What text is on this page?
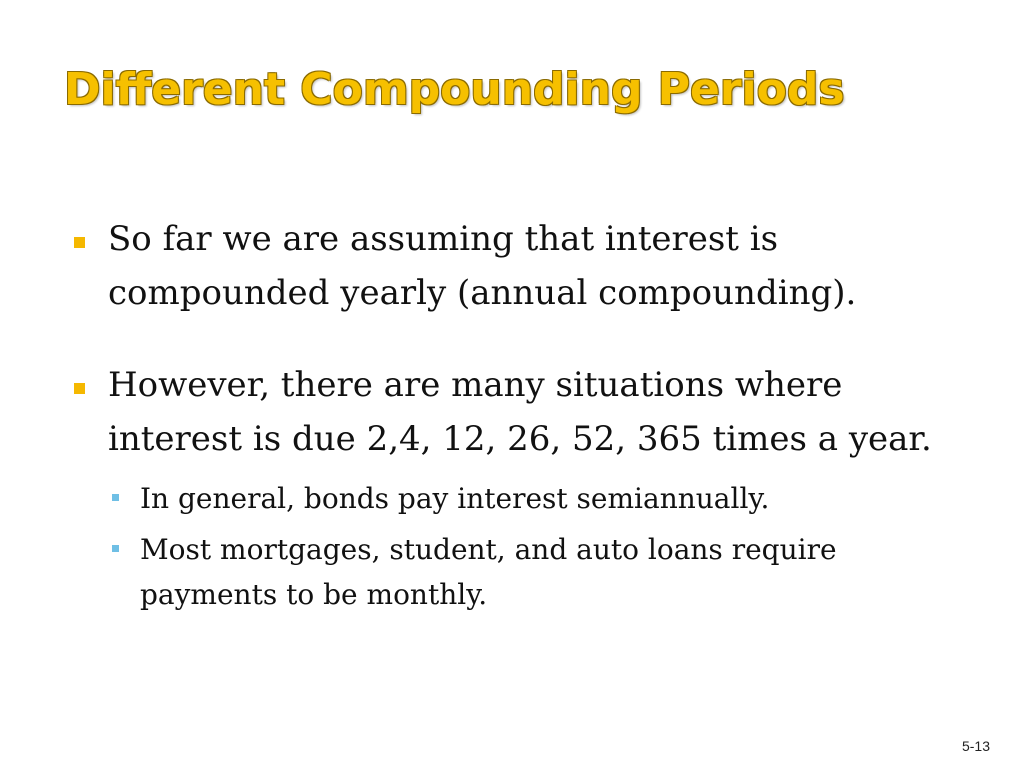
Different Compounding Periods
So far we are assuming that interest is compounded yearly (annual compounding).
However, there are many situations where interest is due 2,4, 12, 26, 52, 365 times a year.
In general, bonds pay interest semiannually.
Most mortgages, student, and auto loans require payments to be monthly.
5-13
